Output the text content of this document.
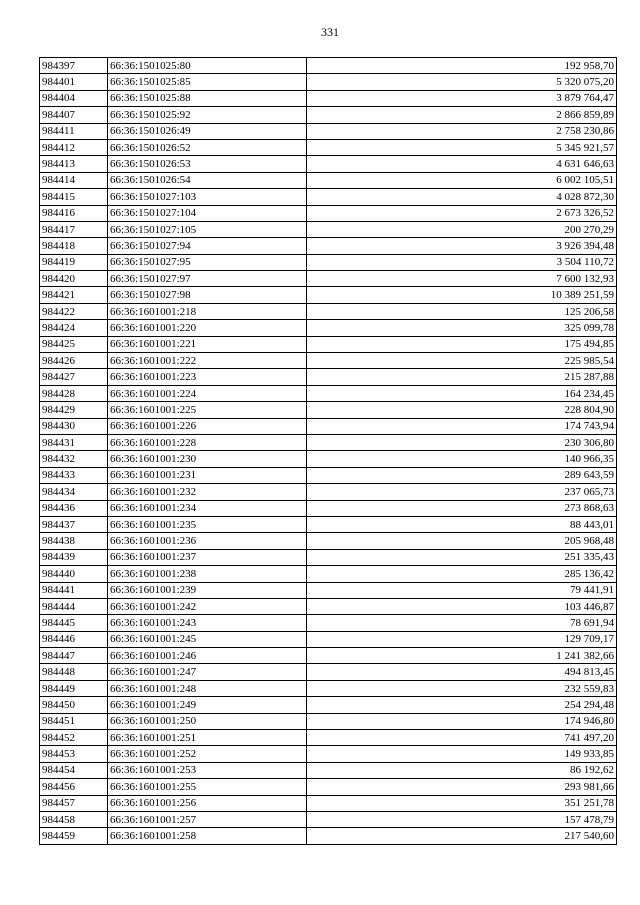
331
984397	66:36:1501025:80	192 958,70
984401	66:36:1501025:85	5 320 075,20
984404	66:36:1501025:88	3 879 764,47
984407	66:36:1501025:92	2 866 859,89
984411	66:36:1501026:49	2 758 230,86
984412	66:36:1501026:52	5 345 921,57
984413	66:36:1501026:53	4 631 646,63
984414	66:36:1501026:54	6 002 105,51
984415	66:36:1501027:103	4 028 872,30
984416	66:36:1501027:104	2 673 326,52
984417	66:36:1501027:105	200 270,29
984418	66:36:1501027:94	3 926 394,48
984419	66:36:1501027:95	3 504 110,72
984420	66:36:1501027:97	7 600 132,93
984421	66:36:1501027:98	10 389 251,59
984422	66:36:1601001:218	125 206,58
984424	66:36:1601001:220	325 099,78
984425	66:36:1601001:221	175 494,85
984426	66:36:1601001:222	225 985,54
984427	66:36:1601001:223	215 287,88
984428	66:36:1601001:224	164 234,45
984429	66:36:1601001:225	228 804,90
984430	66:36:1601001:226	174 743,94
984431	66:36:1601001:228	230 306,80
984432	66:36:1601001:230	140 966,35
984433	66:36:1601001:231	289 643,59
984434	66:36:1601001:232	237 065,73
984436	66:36:1601001:234	273 868,63
984437	66:36:1601001:235	88 443,01
984438	66:36:1601001:236	205 968,48
984439	66:36:1601001:237	251 335,43
984440	66:36:1601001:238	285 136,42
984441	66:36:1601001:239	79 441,91
984444	66:36:1601001:242	103 446,87
984445	66:36:1601001:243	78 691,94
984446	66:36:1601001:245	129 709,17
984447	66:36:1601001:246	1 241 382,66
984448	66:36:1601001:247	494 813,45
984449	66:36:1601001:248	232 559,83
984450	66:36:1601001:249	254 294,48
984451	66:36:1601001:250	174 946,80
984452	66:36:1601001:251	741 497,20
984453	66:36:1601001:252	149 933,85
984454	66:36:1601001:253	86 192,62
984456	66:36:1601001:255	293 981,66
984457	66:36:1601001:256	351 251,78
984458	66:36:1601001:257	157 478,79
984459	66:36:1601001:258	217 540,60
